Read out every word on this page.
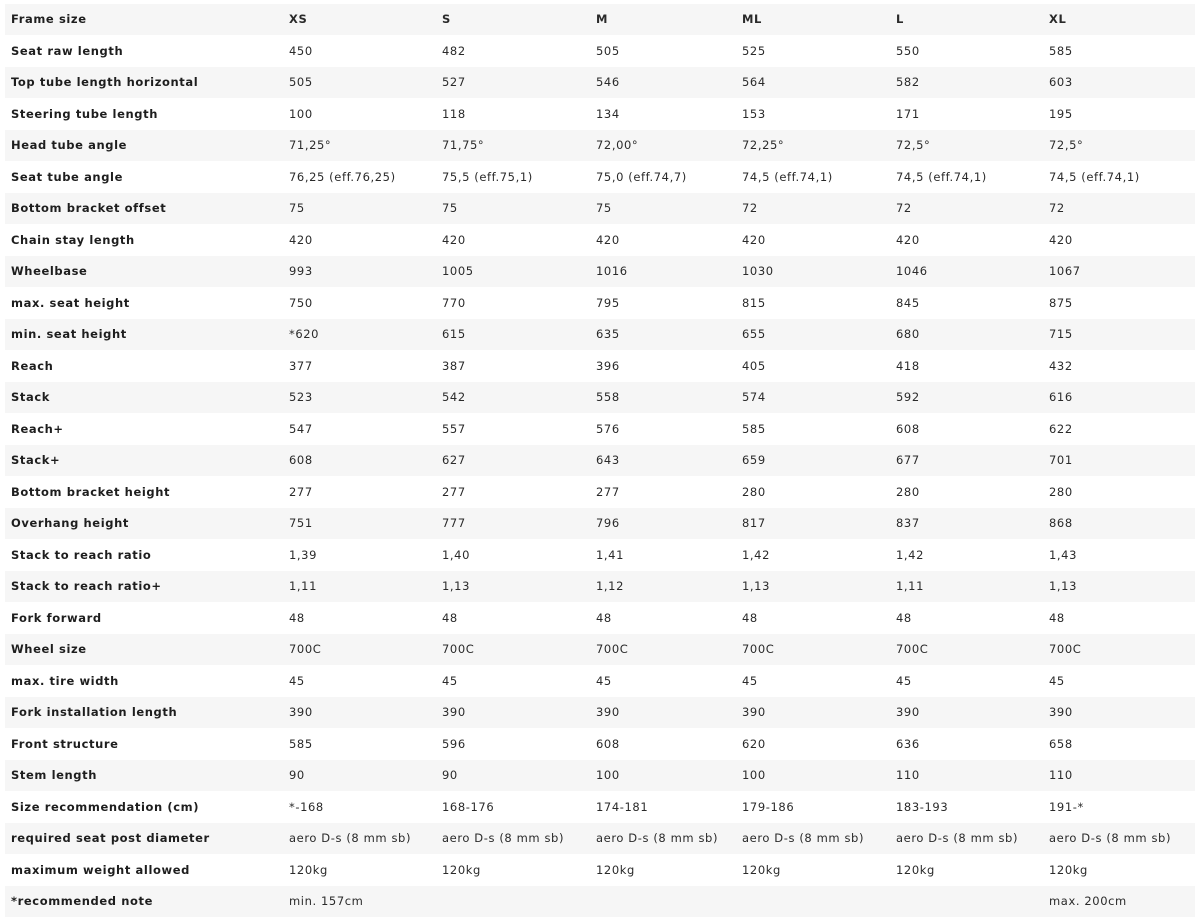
Frame size	XS	S	M	ML	L	XL
Seat raw length	450	482	505	525	550	585
Top tube length horizontal	505	527	546	564	582	603
Steering tube length	100	118	134	153	171	195
Head tube angle	71,25°	71,75°	72,00°	72,25°	72,5°	72,5°
Seat tube angle	76,25 (eff.76,25)	75,5 (eff.75,1)	75,0 (eff.74,7)	74,5 (eff.74,1)	74,5 (eff.74,1)	74,5 (eff.74,1)
Bottom bracket offset	75	75	75	72	72	72
Chain stay length	420	420	420	420	420	420
Wheelbase	993	1005	1016	1030	1046	1067
max. seat height	750	770	795	815	845	875
min. seat height	*620	615	635	655	680	715
Reach	377	387	396	405	418	432
Stack	523	542	558	574	592	616
Reach+	547	557	576	585	608	622
Stack+	608	627	643	659	677	701
Bottom bracket height	277	277	277	280	280	280
Overhang height	751	777	796	817	837	868
Stack to reach ratio	1,39	1,40	1,41	1,42	1,42	1,43
Stack to reach ratio+	1,11	1,13	1,12	1,13	1,11	1,13
Fork forward	48	48	48	48	48	48
Wheel size	700C	700C	700C	700C	700C	700C
max. tire width	45	45	45	45	45	45
Fork installation length	390	390	390	390	390	390
Front structure	585	596	608	620	636	658
Stem length	90	90	100	100	110	110
Size recommendation (cm)	*-168	168-176	174-181	179-186	183-193	191-*
required seat post diameter	aero D-s (8 mm sb)	aero D-s (8 mm sb)	aero D-s (8 mm sb)	aero D-s (8 mm sb)	aero D-s (8 mm sb)	aero D-s (8 mm sb)
maximum weight allowed	120kg	120kg	120kg	120kg	120kg	120kg
*recommended note	min. 157cm					max. 200cm
